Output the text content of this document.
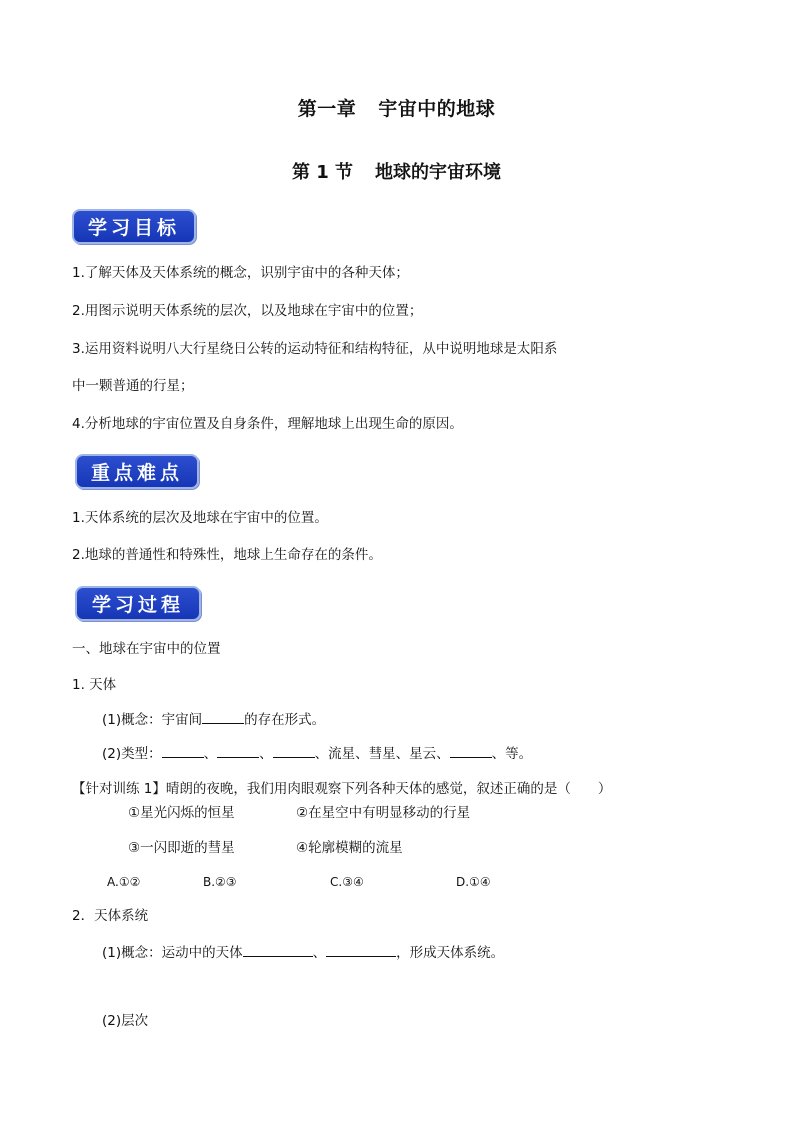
第一章 宇宙中的地球
第 1 节 地球的宇宙环境
学习目标
1.了解天体及天体系统的概念，识别宇宙中的各种天体；
2.用图示说明天体系统的层次，以及地球在宇宙中的位置；
3.运用资料说明八大行星绕日公转的运动特征和结构特征，从中说明地球是太阳系
中一颗普通的行星；
4.分析地球的宇宙位置及自身条件，理解地球上出现生命的原因。
重点难点
1.天体系统的层次及地球在宇宙中的位置。
2.地球的普通性和特殊性，地球上生命存在的条件。
学习过程
一、地球在宇宙中的位置
1. 天体
(1)概念：宇宙间	的存在形式。
(2)类型：	、	、	、流星、彗星、星云、	、等。
【针对训练 1】晴朗的夜晚，我们用肉眼观察下列各种天体的感觉，叙述正确的是（　　）
①星光闪烁的恒星	②在星空中有明显移动的行星
③一闪即逝的彗星	④轮廓模糊的流星
A.①②	B.②③	C.③④	D.①④
2．天体系统
(1)概念：运动中的天体	、	，形成天体系统。
(2)层次
